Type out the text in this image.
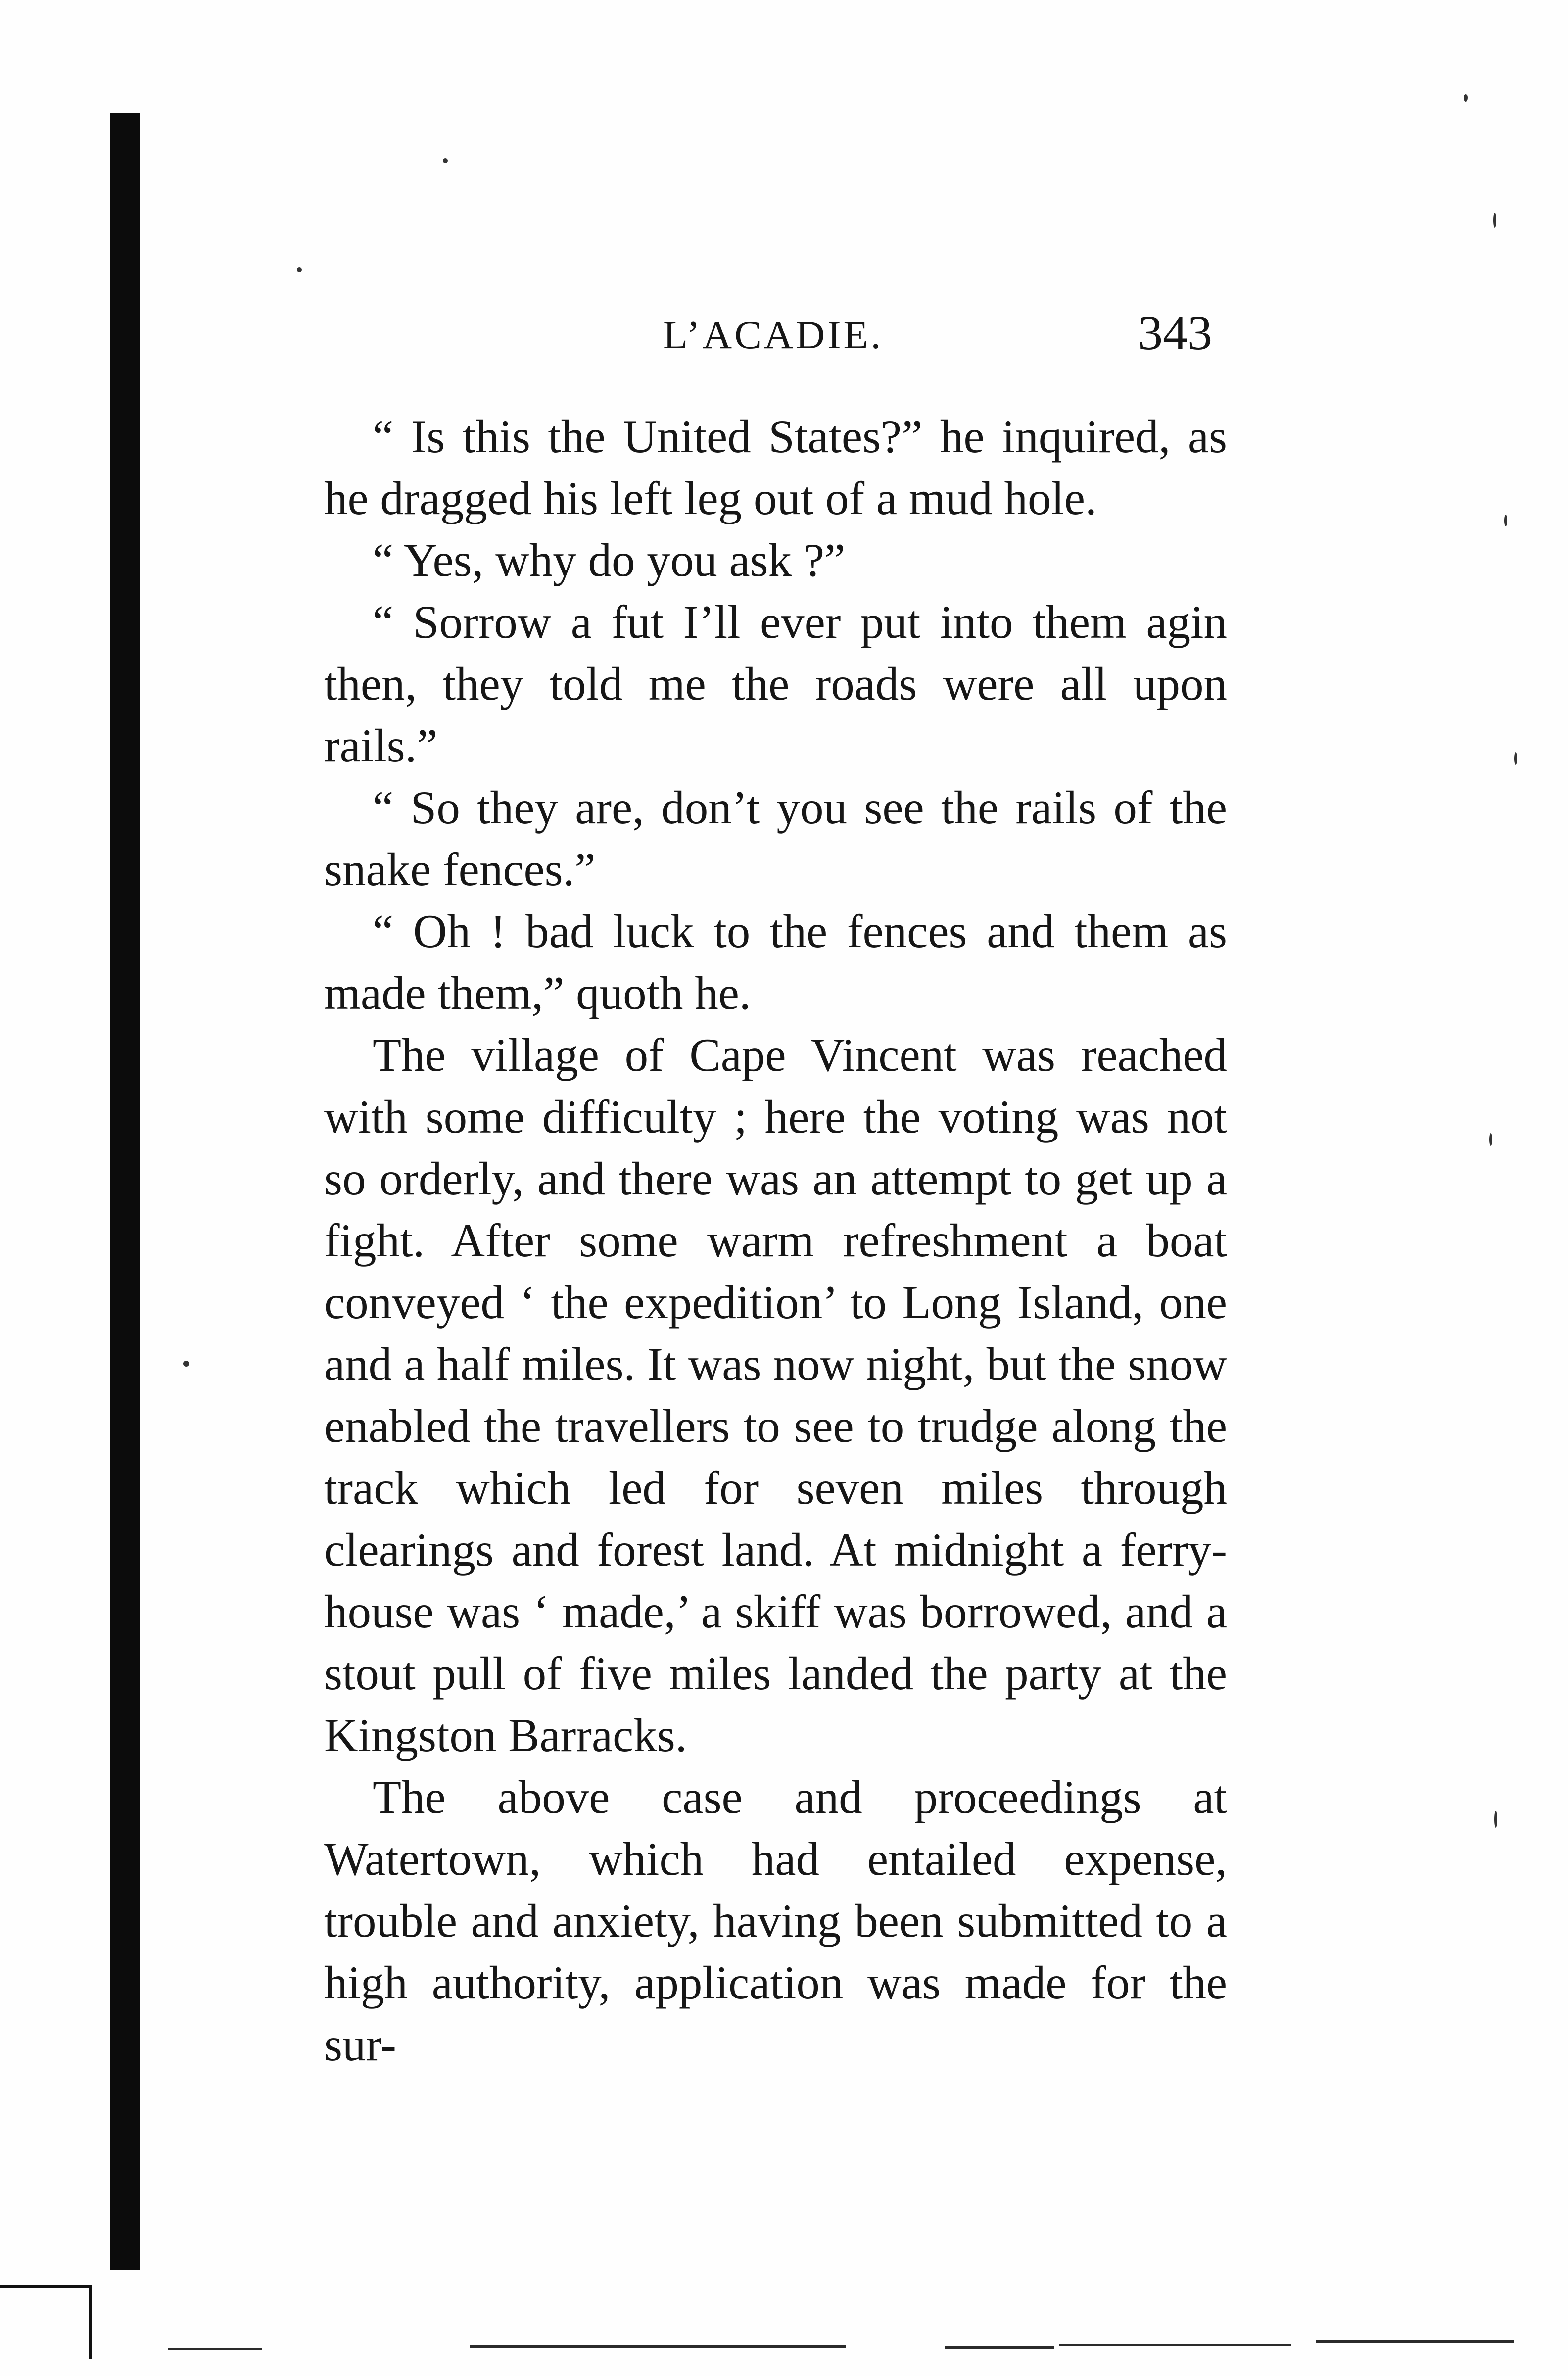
L’ACADIE.	343

“ Is this the United States?” he inquired, as he dragged his left leg out of a mud hole.

“ Yes, why do you ask ?”

“ Sorrow a fut I’ll ever put into them agin then, they told me the roads were all upon rails.”

“ So they are, don’t you see the rails of the snake fences.”

“ Oh ! bad luck to the fences and them as made them,” quoth he.

The village of Cape Vincent was reached with some difficulty ; here the voting was not so orderly, and there was an attempt to get up a fight. After some warm refreshment a boat conveyed ‘ the expedition’ to Long Island, one and a half miles. It was now night, but the snow enabled the travellers to see to trudge along the track which led for seven miles through clearings and forest land. At midnight a ferry-house was ‘ made,’ a skiff was borrowed, and a stout pull of five miles landed the party at the Kingston Barracks.

The above case and proceedings at Watertown, which had entailed expense, trouble and anxiety, having been submitted to a high authority, application was made for the sur-
